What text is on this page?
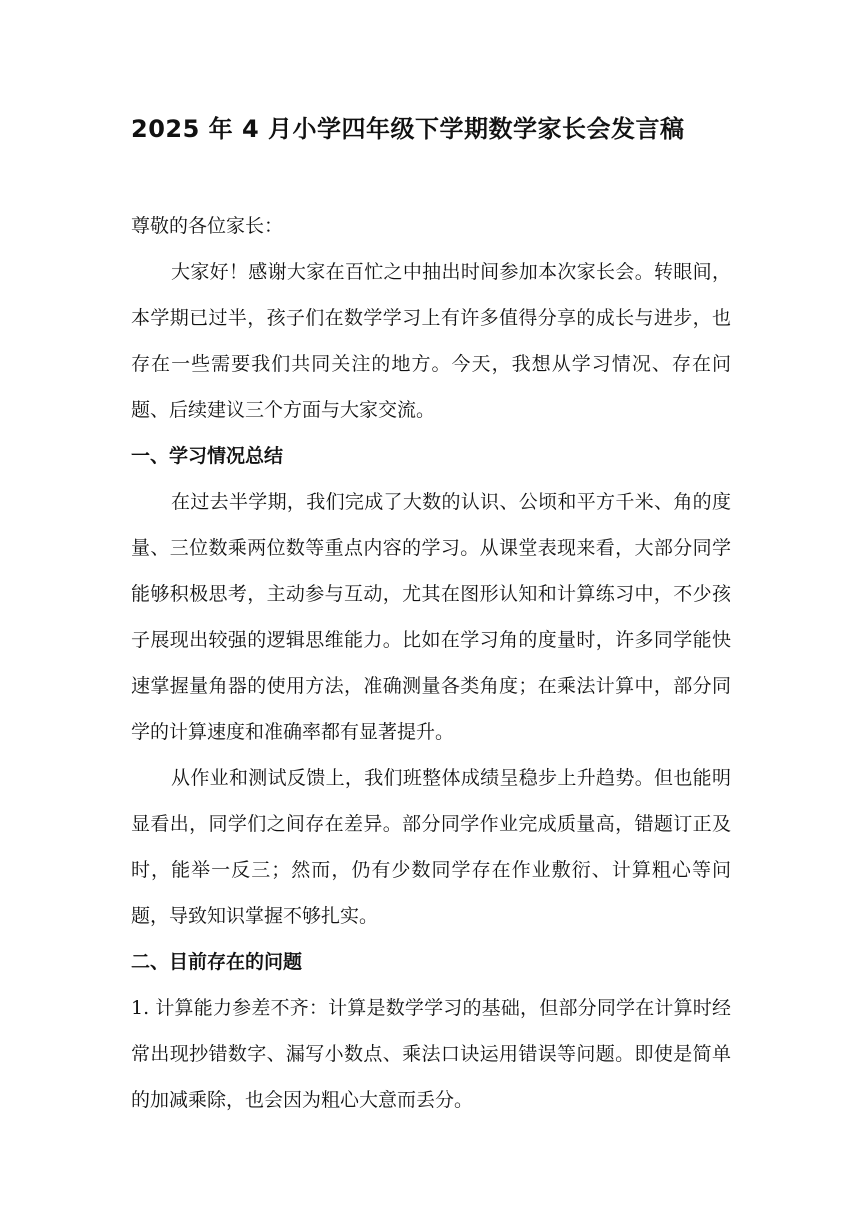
2025 年 4 月小学四年级下学期数学家长会发言稿

尊敬的各位家长：

大家好！感谢大家在百忙之中抽出时间参加本次家长会。转眼间，本学期已过半，孩子们在数学学习上有许多值得分享的成长与进步，也存在一些需要我们共同关注的地方。今天，我想从学习情况、存在问题、后续建议三个方面与大家交流。

一、学习情况总结

在过去半学期，我们完成了大数的认识、公顷和平方千米、角的度量、三位数乘两位数等重点内容的学习。从课堂表现来看，大部分同学能够积极思考，主动参与互动，尤其在图形认知和计算练习中，不少孩子展现出较强的逻辑思维能力。比如在学习角的度量时，许多同学能快速掌握量角器的使用方法，准确测量各类角度；在乘法计算中，部分同学的计算速度和准确率都有显著提升。

从作业和测试反馈上，我们班整体成绩呈稳步上升趋势。但也能明显看出，同学们之间存在差异。部分同学作业完成质量高，错题订正及时，能举一反三；然而，仍有少数同学存在作业敷衍、计算粗心等问题，导致知识掌握不够扎实。

二、目前存在的问题

1. 计算能力参差不齐：计算是数学学习的基础，但部分同学在计算时经常出现抄错数字、漏写小数点、乘法口诀运用错误等问题。即使是简单的加减乘除，也会因为粗心大意而丢分。
